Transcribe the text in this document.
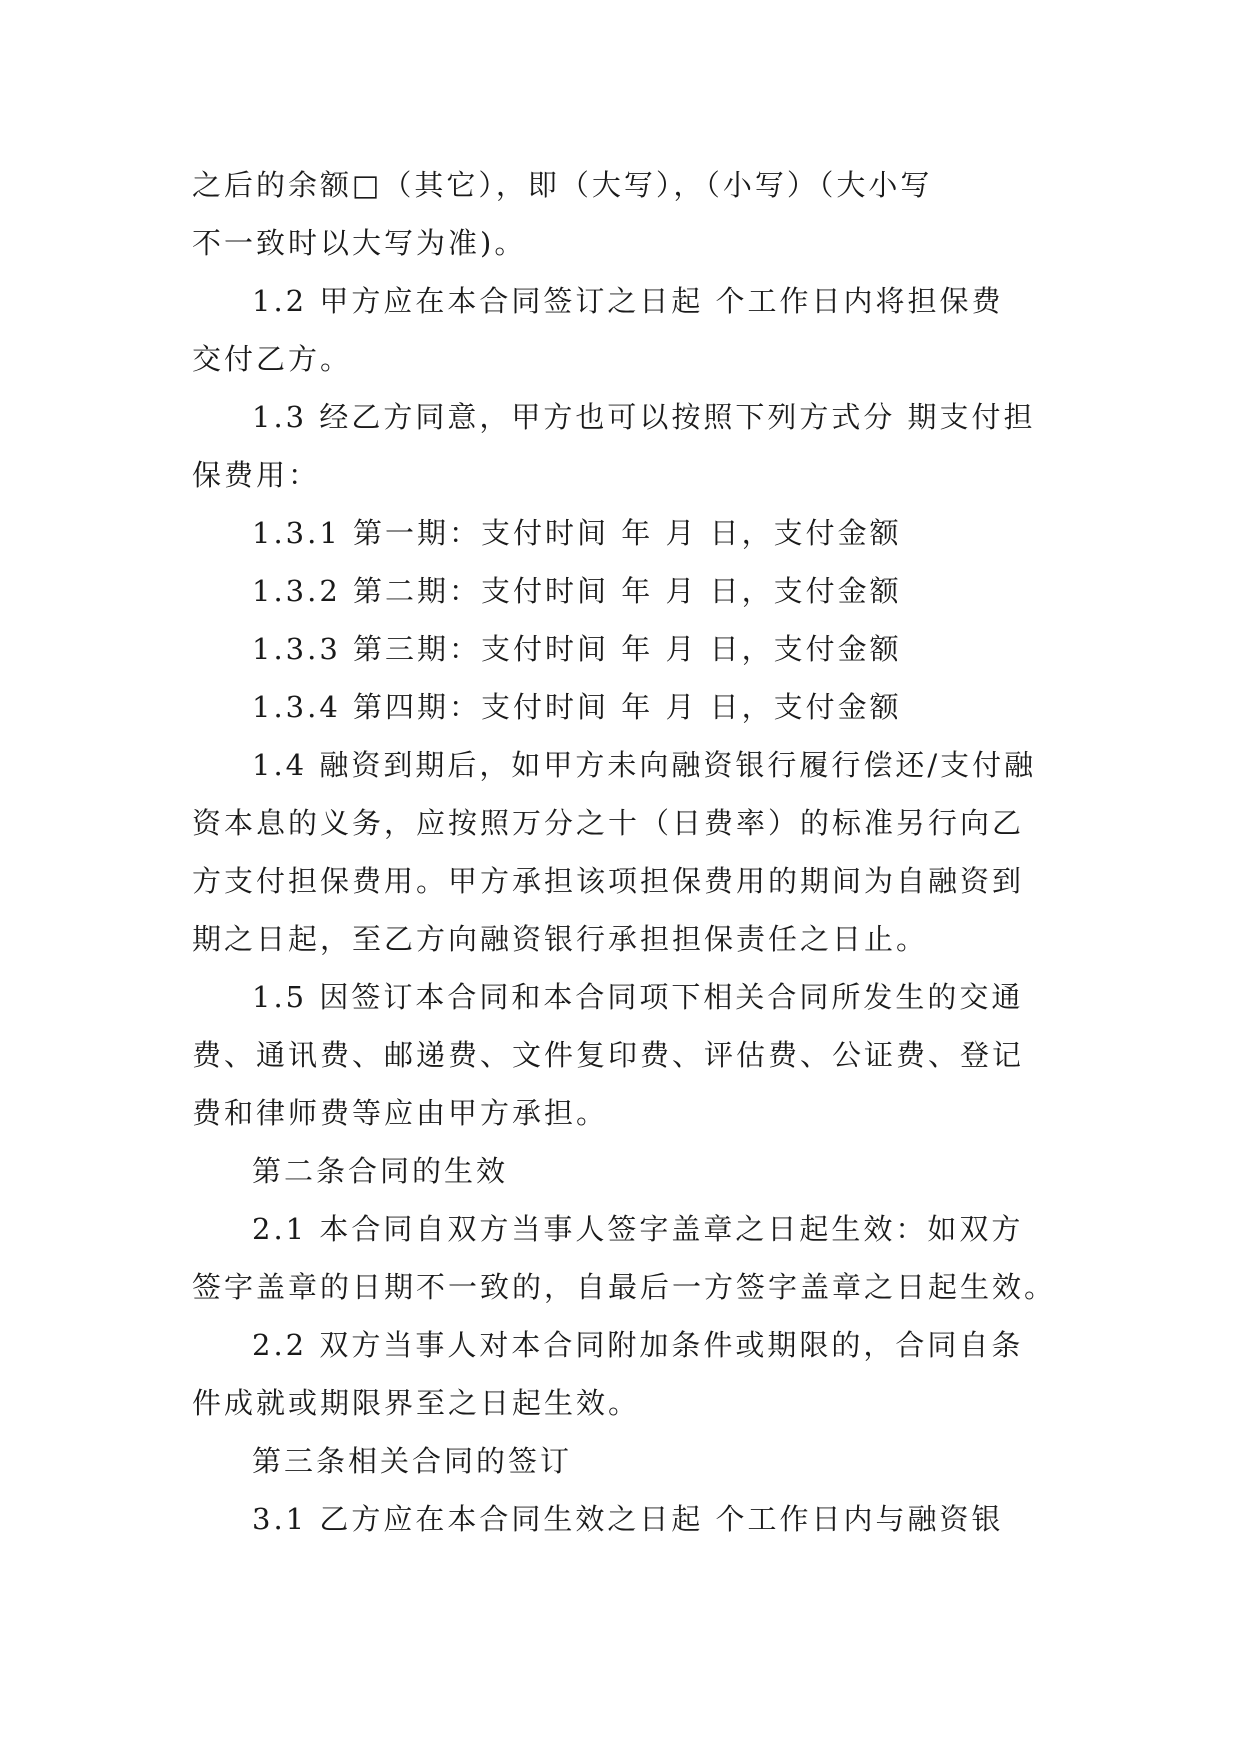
之后的余额□（其它），即（大写），（小写）（大小写
不一致时以大写为准)。
1.2 甲方应在本合同签订之日起 个工作日内将担保费
交付乙方。
1.3 经乙方同意，甲方也可以按照下列方式分 期支付担
保费用：
1.3.1 第一期：支付时间 年 月 日，支付金额
1.3.2 第二期：支付时间 年 月 日，支付金额
1.3.3 第三期：支付时间 年 月 日，支付金额
1.3.4 第四期：支付时间 年 月 日，支付金额
1.4 融资到期后，如甲方未向融资银行履行偿还/支付融
资本息的义务，应按照万分之十（日费率）的标准另行向乙
方支付担保费用。甲方承担该项担保费用的期间为自融资到
期之日起，至乙方向融资银行承担担保责任之日止。
1.5 因签订本合同和本合同项下相关合同所发生的交通
费、通讯费、邮递费、文件复印费、评估费、公证费、登记
费和律师费等应由甲方承担。
第二条合同的生效
2.1 本合同自双方当事人签字盖章之日起生效：如双方
签字盖章的日期不一致的，自最后一方签字盖章之日起生效。
2.2 双方当事人对本合同附加条件或期限的，合同自条
件成就或期限界至之日起生效。
第三条相关合同的签订
3.1 乙方应在本合同生效之日起 个工作日内与融资银
